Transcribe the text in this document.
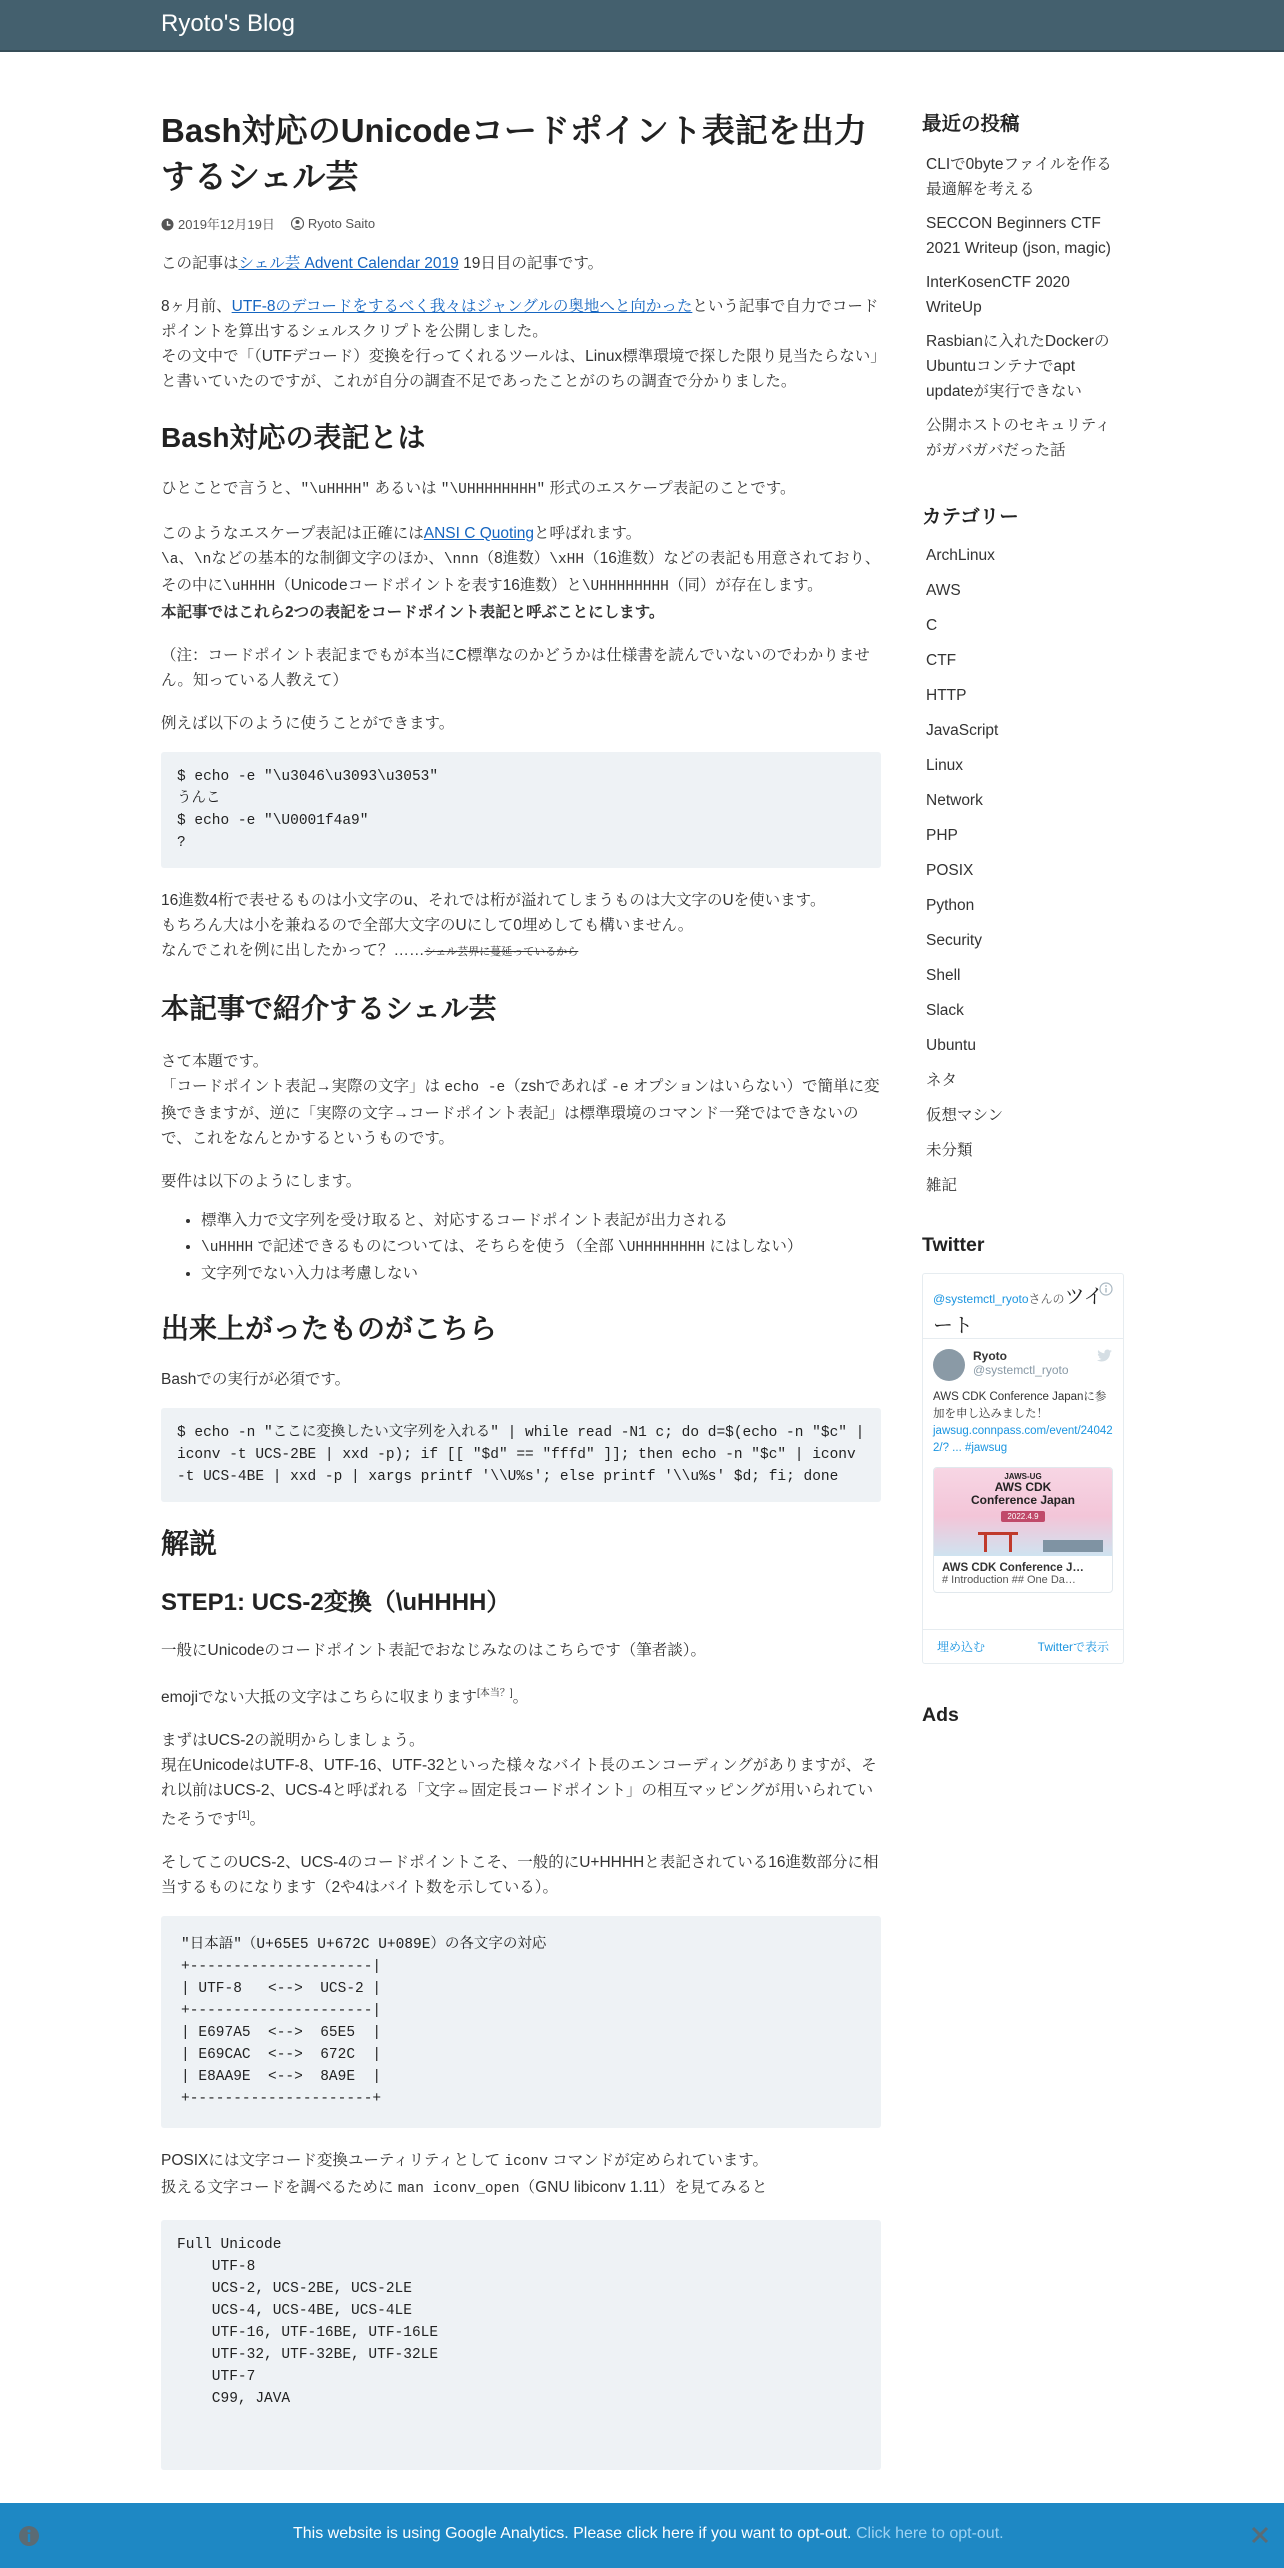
Ryoto's Blog
Bash対応のUnicodeコードポイント表記を出力するシェル芸
2019年12月19日	Ryoto Saito

この記事はシェル芸 Advent Calendar 2019 19日目の記事です。

8ヶ月前、UTF-8のデコードをするべく我々はジャングルの奥地へと向かったという記事で自力でコードポイントを算出するシェルスクリプトを公開しました。
その文中で「（UTFデコード）変換を行ってくれるツールは、Linux標準環境で探した限り見当たらない」と書いていたのですが、これが自分の調査不足であったことがのちの調査で分かりました。

Bash対応の表記とは

ひとことで言うと、"\uHHHH" あるいは "\UHHHHHHHH" 形式のエスケープ表記のことです。

このようなエスケープ表記は正確にはANSI C Quotingと呼ばれます。
\a、\nなどの基本的な制御文字のほか、\nnn（8進数）\xHH（16進数）などの表記も用意されており、その中に\uHHHH（Unicodeコードポイントを表す16進数）と\UHHHHHHHH（同）が存在します。
本記事ではこれら2つの表記をコードポイント表記と呼ぶことにします。

（注：コードポイント表記までもが本当にC標準なのかどうかは仕様書を読んでいないのでわかりません。知っている人教えて）

例えば以下のように使うことができます。

$ echo -e "\u3046\u3093\u3053"
うんこ
$ echo -e "\U0001f4a9"
?

16進数4桁で表せるものは小文字のu、それでは桁が溢れてしまうものは大文字のUを使います。
もちろん大は小を兼ねるので全部大文字のUにして0埋めしても構いません。
なんでこれを例に出したかって？……シェル芸界に蔓延っているから

本記事で紹介するシェル芸

さて本題です。
「コードポイント表記→実際の文字」は echo -e（zshであれば -e オプションはいらない）で簡単に変換できますが、逆に「実際の文字→コードポイント表記」は標準環境のコマンド一発ではできないので、これをなんとかするというものです。

要件は以下のようにします。

• 標準入力で文字列を受け取ると、対応するコードポイント表記が出力される
• \uHHHH で記述できるものについては、そちらを使う（全部 \UHHHHHHHH にはしない）
• 文字列でない入力は考慮しない
出来上がったものがこちら

Bashでの実行が必須です。

$ echo -n "ここに変換したい文字列を入れる" | while read -N1 c; do d=$(echo -n "$c" | iconv -t UCS-2BE | xxd -p); if [[ "$d" == "fffd" ]]; then echo -n "$c" | iconv -t UCS-4BE | xxd -p | xargs printf '\\U%s'; else printf '\\u%s' $d; fi; done
解説
STEP1: UCS-2変換（\uHHHH）

一般にUnicodeのコードポイント表記でおなじみなのはこちらです（筆者談）。

emojiでない大抵の文字はこちらに収まります[本当？]。

まずはUCS-2の説明からしましょう。
現在UnicodeはUTF-8、UTF-16、UTF-32といった様々なバイト長のエンコーディングがありますが、それ以前はUCS-2、UCS-4と呼ばれる「文字⇔固定長コードポイント」の相互マッピングが用いられていたそうです[1]。

そしてこのUCS-2、UCS-4のコードポイントこそ、一般的にU+HHHHと表記されている16進数部分に相当するものになります（2や4はバイト数を示している）。

"日本語"（U+65E5 U+672C U+089E）の各文字の対応
+---------------------|
| UTF-8   <-->  UCS-2 |
+---------------------|
| E697A5  <-->  65E5  |
| E69CAC  <-->  672C  |
| E8AA9E  <-->  8A9E  |
+---------------------+

POSIXには文字コード変換ユーティリティとして iconv コマンドが定められています。
扱える文字コードを調べるために man iconv_open（GNU libiconv 1.11）を見てみると

Full Unicode
UTF-8
UCS-2, UCS-2BE, UCS-2LE
UCS-4, UCS-4BE, UCS-4LE
UTF-16, UTF-16BE, UTF-16LE
UTF-32, UTF-32BE, UTF-32LE
UTF-7
C99, JAVA
最近の投稿
CLIで0byteファイルを作る最適解を考える
SECCON Beginners CTF 2021 Writeup (json, magic)
InterKosenCTF 2020 WriteUp
Rasbianに入れたDockerのUbuntuコンテナでapt updateが実行できない
公開ホストのセキュリティがガバガバだった話
カテゴリー
ArchLinux
AWS
C
CTF
HTTP
JavaScript
Linux
Network
PHP
POSIX
Python
Security
Shell
Slack
Ubuntu
ネタ
仮想マシン
未分類
雑記
Twitter
@systemctl_ryotoさんのツイート
Ryoto
@systemctl_ryoto
AWS CDK Conference Japanに参加を申し込みました！
jawsug.connpass.com/event/240422/? ... #jawsug
JAWS-UG
AWS CDK
Conference Japan
2022.4.9
AWS CDK Conference J…
# Introduction ## One Da…
埋め込む	Twitterで表示
Ads
This website is using Google Analytics. Please click here if you want to opt-out. Click here to opt-out.
